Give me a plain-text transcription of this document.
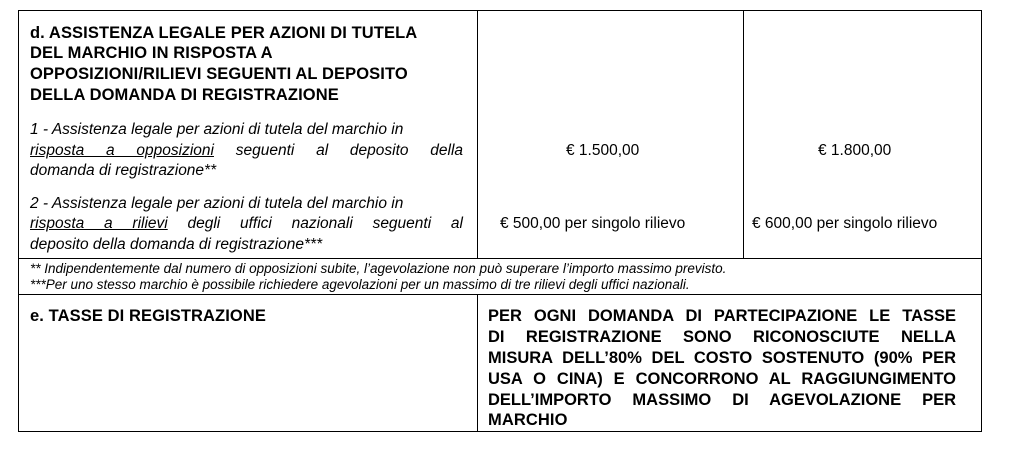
d. ASSISTENZA LEGALE PER AZIONI DI TUTELA
DEL MARCHIO IN RISPOSTA A
OPPOSIZIONI/RILIEVI SEGUENTI AL DEPOSITO
DELLA DOMANDA DI REGISTRAZIONE
1 - Assistenza legale per azioni di tutela del marchio in
risposta a opposizioni seguenti al deposito della
domanda di registrazione**
€ 1.500,00	€ 1.800,00
2 - Assistenza legale per azioni di tutela del marchio in
risposta a rilievi degli uffici nazionali seguenti al
deposito della domanda di registrazione***
€ 500,00 per singolo rilievo	€ 600,00 per singolo rilievo
** Indipendentemente dal numero di opposizioni subite, l’agevolazione non può superare l’importo massimo previsto.
***Per uno stesso marchio è possibile richiedere agevolazioni per un massimo di tre rilievi degli uffici nazionali.
e. TASSE DI REGISTRAZIONE	PER OGNI DOMANDA DI PARTECIPAZIONE LE TASSE
DI REGISTRAZIONE SONO RICONOSCIUTE NELLA
MISURA DELL’80% DEL COSTO SOSTENUTO (90% PER
USA O CINA) E CONCORRONO AL RAGGIUNGIMENTO
DELL’IMPORTO MASSIMO DI AGEVOLAZIONE PER
MARCHIO
